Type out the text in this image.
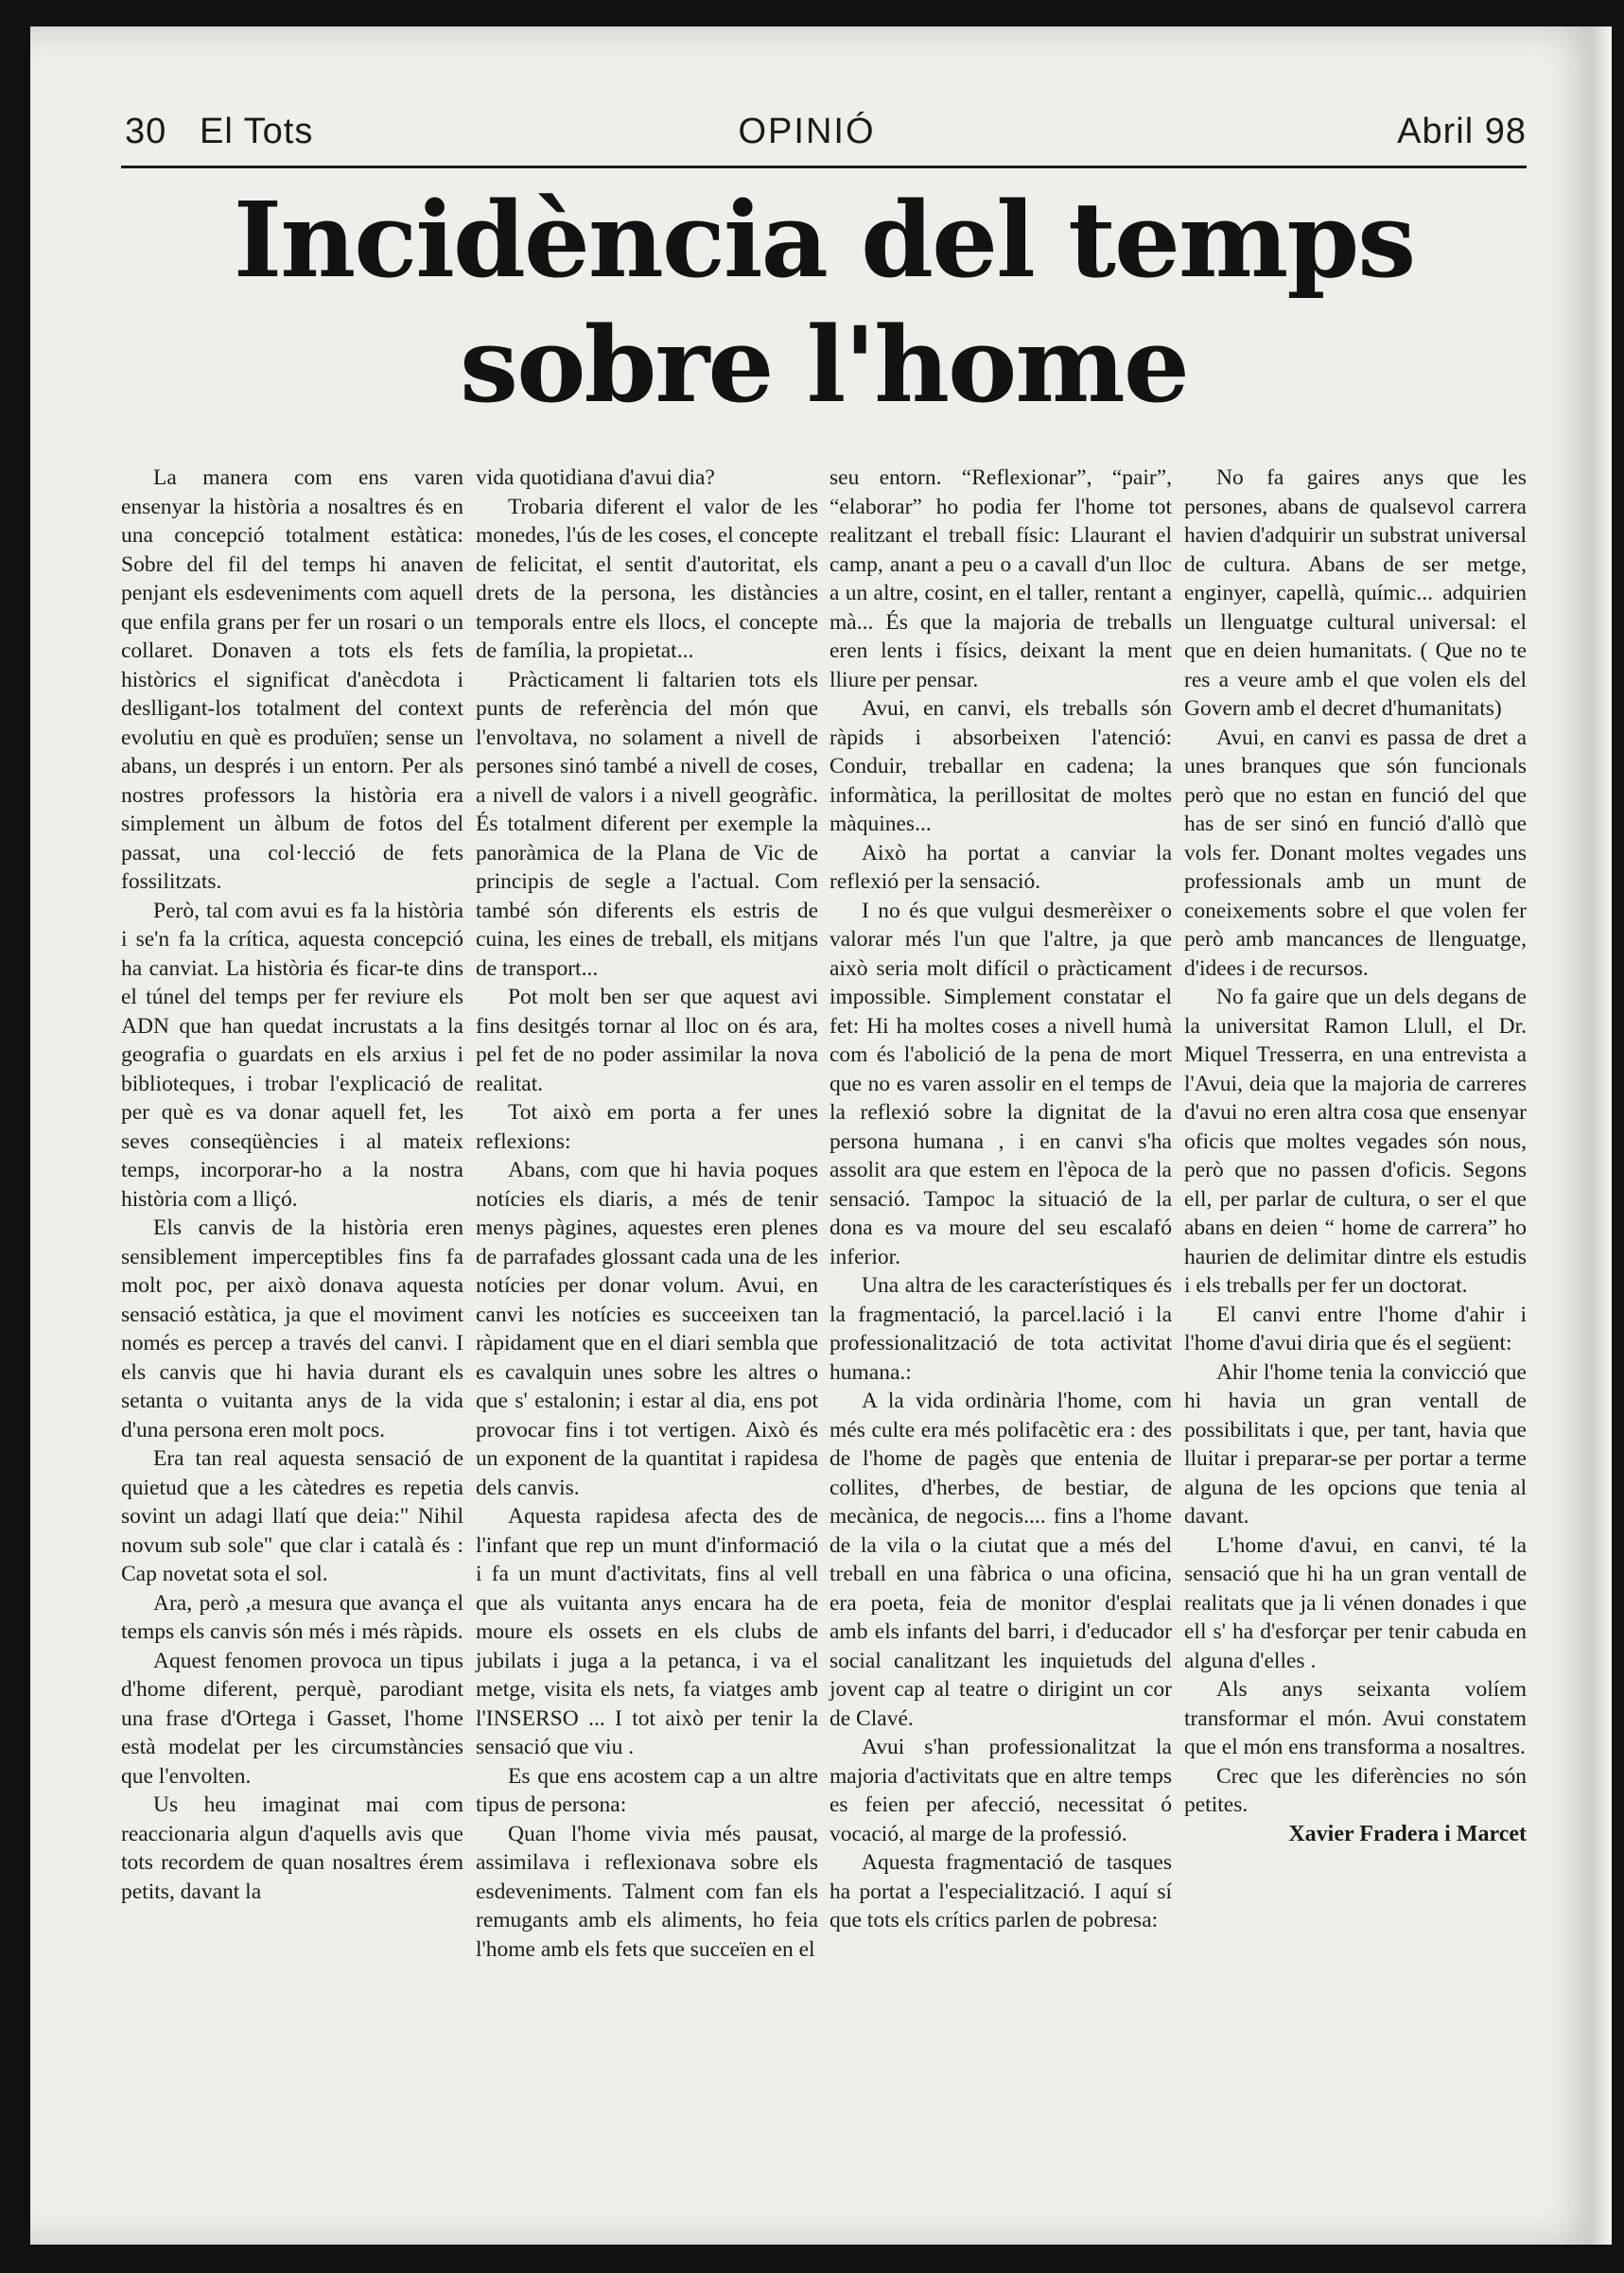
30 El Tots	OPINIÓ	Abril 98
Incidència del temps
sobre l'home

La manera com ens varen ensenyar la història a nosaltres és en una concepció totalment estàtica: Sobre del fil del temps hi anaven penjant els esdeveniments com aquell que enfila grans per fer un rosari o un collaret. Donaven a tots els fets històrics el significat d'anècdota i deslligant-los totalment del context evolutiu en què es produïen; sense un abans, un després i un entorn. Per als nostres professors la història era simplement un àlbum de fotos del passat, una col·lecció de fets fossilitzats.

Però, tal com avui es fa la història i se'n fa la crítica, aquesta concepció ha canviat. La història és ficar-te dins el túnel del temps per fer reviure els ADN que han quedat incrustats a la geografia o guardats en els arxius i biblioteques, i trobar l'explicació de per què es va donar aquell fet, les seves conseqüències i al mateix temps, incorporar-ho a la nostra història com a lliçó.

Els canvis de la història eren sensiblement imperceptibles fins fa molt poc, per això donava aquesta sensació estàtica, ja que el moviment només es percep a través del canvi. I els canvis que hi havia durant els setanta o vuitanta anys de la vida d'una persona eren molt pocs.

Era tan real aquesta sensació de quietud que a les càtedres es repetia sovint un adagi llatí que deia:" Nihil novum sub sole" que clar i català és : Cap novetat sota el sol.

Ara, però ,a mesura que avança el temps els canvis són més i més ràpids.

Aquest fenomen provoca un tipus d'home diferent, perquè, parodiant una frase d'Ortega i Gasset, l'home està modelat per les circumstàncies que l'envolten.

Us heu imaginat mai com reaccionaria algun d'aquells avis que tots recordem de quan nosaltres érem petits, davant la

vida quotidiana d'avui dia?

Trobaria diferent el valor de les monedes, l'ús de les coses, el concepte de felicitat, el sentit d'autoritat, els drets de la persona, les distàncies temporals entre els llocs, el concepte de família, la propietat...

Pràcticament li faltarien tots els punts de referència del món que l'envoltava, no solament a nivell de persones sinó també a nivell de coses, a nivell de valors i a nivell geogràfic. És totalment diferent per exemple la panoràmica de la Plana de Vic de principis de segle a l'actual. Com també són diferents els estris de cuina, les eines de treball, els mitjans de transport...

Pot molt ben ser que aquest avi fins desitgés tornar al lloc on és ara, pel fet de no poder assimilar la nova realitat.

Tot això em porta a fer unes reflexions:

Abans, com que hi havia poques notícies els diaris, a més de tenir menys pàgines, aquestes eren plenes de parrafades glossant cada una de les notícies per donar volum. Avui, en canvi les notícies es succeeixen tan ràpidament que en el diari sembla que es cavalquin unes sobre les altres o que s' estalonin; i estar al dia, ens pot provocar fins i tot vertigen. Això és un exponent de la quantitat i rapidesa dels canvis.

Aquesta rapidesa afecta des de l'infant que rep un munt d'informació i fa un munt d'activitats, fins al vell que als vuitanta anys encara ha de moure els ossets en els clubs de jubilats i juga a la petanca, i va el metge, visita els nets, fa viatges amb l'INSERSO ... I tot això per tenir la sensació que viu .

Es que ens acostem cap a un altre tipus de persona:

Quan l'home vivia més pausat, assimilava i reflexionava sobre els esdeveniments. Talment com fan els remugants amb els aliments, ho feia l'home amb els fets que succeïen en el

seu entorn. “Reflexionar”, “pair”, “elaborar” ho podia fer l'home tot realitzant el treball físic: Llaurant el camp, anant a peu o a cavall d'un lloc a un altre, cosint, en el taller, rentant a mà... És que la majoria de treballs eren lents i físics, deixant la ment lliure per pensar.

Avui, en canvi, els treballs són ràpids i absorbeixen l'atenció: Conduir, treballar en cadena; la informàtica, la perillositat de moltes màquines...

Això ha portat a canviar la reflexió per la sensació.

I no és que vulgui desmerèixer o valorar més l'un que l'altre, ja que això seria molt difícil o pràcticament impossible. Simplement constatar el fet: Hi ha moltes coses a nivell humà com és l'abolició de la pena de mort que no es varen assolir en el temps de la reflexió sobre la dignitat de la persona humana , i en canvi s'ha assolit ara que estem en l'època de la sensació. Tampoc la situació de la dona es va moure del seu escalafó inferior.

Una altra de les característiques és la fragmentació, la parcel.lació i la professionalització de tota activitat humana.:

A la vida ordinària l'home, com més culte era més polifacètic era : des de l'home de pagès que entenia de collites, d'herbes, de bestiar, de mecànica, de negocis.... fins a l'home de la vila o la ciutat que a més del treball en una fàbrica o una oficina, era poeta, feia de monitor d'esplai amb els infants del barri, i d'educador social canalitzant les inquietuds del jovent cap al teatre o dirigint un cor de Clavé.

Avui s'han professionalitzat la majoria d'activitats que en altre temps es feien per afecció, necessitat ó vocació, al marge de la professió.

Aquesta fragmentació de tasques ha portat a l'especialització. I aquí sí que tots els crítics parlen de pobresa:

No fa gaires anys que les persones, abans de qualsevol carrera havien d'adquirir un substrat universal de cultura. Abans de ser metge, enginyer, capellà, químic... adquirien un llenguatge cultural universal: el que en deien humanitats. ( Que no te res a veure amb el que volen els del Govern amb el decret d'humanitats)

Avui, en canvi es passa de dret a unes branques que són funcionals però que no estan en funció del que has de ser sinó en funció d'allò que vols fer. Donant moltes vegades uns professionals amb un munt de coneixements sobre el que volen fer però amb mancances de llenguatge, d'idees i de recursos.

No fa gaire que un dels degans de la universitat Ramon Llull, el Dr. Miquel Tresserra, en una entrevista a l'Avui, deia que la majoria de carreres d'avui no eren altra cosa que ensenyar oficis que moltes vegades són nous, però que no passen d'oficis. Segons ell, per parlar de cultura, o ser el que abans en deien “ home de carrera” ho haurien de delimitar dintre els estudis i els treballs per fer un doctorat.

El canvi entre l'home d'ahir i l'home d'avui diria que és el següent:

Ahir l'home tenia la convicció que hi havia un gran ventall de possibilitats i que, per tant, havia que lluitar i preparar-se per portar a terme alguna de les opcions que tenia al davant.

L'home d'avui, en canvi, té la sensació que hi ha un gran ventall de realitats que ja li vénen donades i que ell s' ha d'esforçar per tenir cabuda en alguna d'elles .

Als anys seixanta volíem transformar el món. Avui constatem que el món ens transforma a nosaltres.

Crec que les diferències no són petites.

Xavier Fradera i Marcet
